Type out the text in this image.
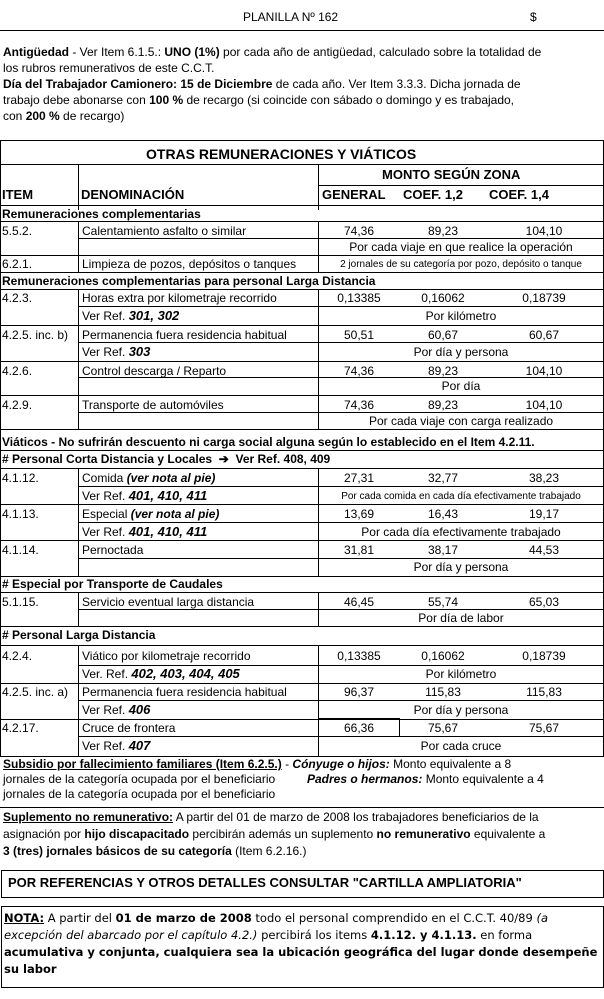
PLANILLA Nº 162	$
Antigüedad - Ver Item 6.1.5.: UNO (1%) por cada año de antigüedad, calculado sobre la totalidad de
los rubros remunerativos de este C.C.T.
Día del Trabajador Camionero: 15 de Diciembre de cada año. Ver Item 3.3.3. Dicha jornada de
trabajo debe abonarse con 100 % de recargo (si coincide con sábado o domingo y es trabajado,
con 200 % de recargo)
OTRAS REMUNERACIONES Y VIÁTICOS
MONTO SEGÚN ZONA
ITEM	DENOMINACIÓN	GENERAL COEF. 1,2 COEF. 1,4
Remuneraciones complementarias
5.5.2.	Calentamiento asfalto o similar	74,36	89,23	104,10
Por cada viaje en que realice la operación
6.2.1.	Limpieza de pozos, depósitos o tanques	2 jornales de su categoría por pozo, depósito o tanque
Remuneraciones complementarias para personal Larga Distancia
4.2.3.	Horas extra por kilometraje recorrido	0,13385	0,16062	0,18739
Ver Ref. 301, 302	Por kilómetro
4.2.5. inc. b) Permanencia fuera residencia habitual	50,51	60,67	60,67
Ver Ref. 303	Por día y persona
4.2.6.	Control descarga / Reparto	74,36	89,23	104,10
Por día
4.2.9.	Transporte de automóviles	74,36	89,23	104,10
Por cada viaje con carga realizado
Viáticos - No sufrirán descuento ni carga social alguna según lo establecido en el Item 4.2.11.
# Personal Corta Distancia y Locales ➔ Ver Ref. 408, 409
4.1.12.	Comida (ver nota al pie)	27,31	32,77	38,23
Ver Ref. 401, 410, 411	Por cada comida en cada día efectivamente trabajado
4.1.13.	Especial (ver nota al pie)	13,69	16,43	19,17
Ver Ref. 401, 410, 411	Por cada día efectivamente trabajado
4.1.14.	Pernoctada	31,81	38,17	44,53
Por día y persona
# Especial por Transporte de Caudales
5.1.15.	Servicio eventual larga distancia	46,45	55,74	65,03
Por día de labor
# Personal Larga Distancia
4.2.4.	Viático por kilometraje recorrido	0,13385	0,16062	0,18739
Ver. Ref. 402, 403, 404, 405	Por kilómetro
4.2.5. inc. a) Permanencia fuera residencia habitual	96,37	115,83	115,83
Ver Ref. 406	Por día y persona
4.2.17.	Cruce de frontera	66,36	75,67	75,67
Ver Ref. 407	Por cada cruce
Subsidio por fallecimiento familiares (Item 6.2.5.) - Cónyuge o hijos: Monto equivalente a 8
jornales de la categoría ocupada por el beneficiario
jornales de la categoría ocupada por el beneficiario
Padres o hermanos: Monto equivalente a 4
Suplemento no remunerativo: A partir del 01 de marzo de 2008 los trabajadores beneficiarios de la
asignación por hijo discapacitado percibirán además un suplemento no remunerativo equivalente a
3 (tres) jornales básicos de su categoría (Item 6.2.16.)
POR REFERENCIAS Y OTROS DETALLES CONSULTAR "CARTILLA AMPLIATORIA"
NOTA: A partir del 01 de marzo de 2008 todo el personal comprendido en el C.C.T. 40/89 (a
excepción del abarcado por el capítulo 4.2.) percibirá los items 4.1.12. y 4.1.13. en forma
acumulativa y conjunta, cualquiera sea la ubicación geográfica del lugar donde desempeñe
su labor
